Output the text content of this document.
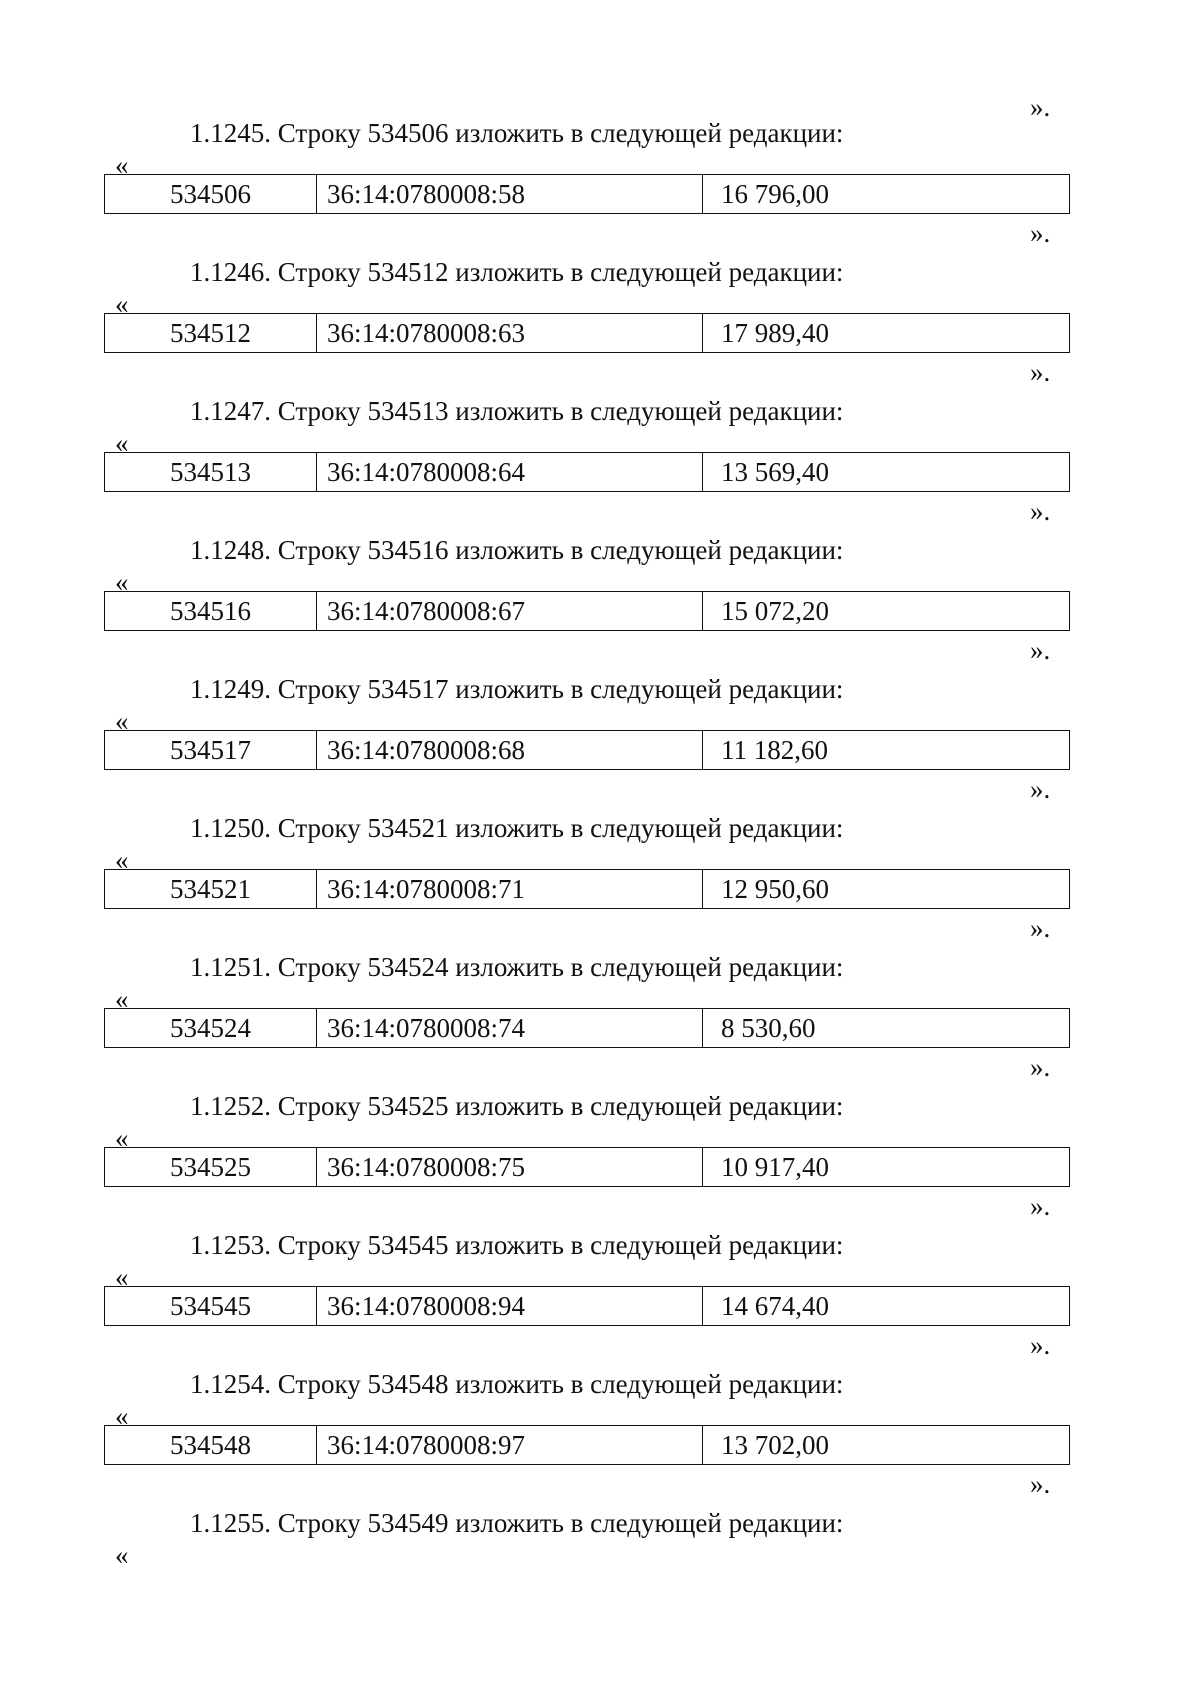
».
1.1245. Строку 534506 изложить в следующей редакции:
«
534506	36:14:0780008:58	16 796,00
».
1.1246. Строку 534512 изложить в следующей редакции:
«
534512	36:14:0780008:63	17 989,40
».
1.1247. Строку 534513 изложить в следующей редакции:
«
534513	36:14:0780008:64	13 569,40
».
1.1248. Строку 534516 изложить в следующей редакции:
«
534516	36:14:0780008:67	15 072,20
».
1.1249. Строку 534517 изложить в следующей редакции:
«
534517	36:14:0780008:68	11 182,60
».
1.1250. Строку 534521 изложить в следующей редакции:
«
534521	36:14:0780008:71	12 950,60
».
1.1251. Строку 534524 изложить в следующей редакции:
«
534524	36:14:0780008:74	8 530,60
».
1.1252. Строку 534525 изложить в следующей редакции:
«
534525	36:14:0780008:75	10 917,40
».
1.1253. Строку 534545 изложить в следующей редакции:
«
534545	36:14:0780008:94	14 674,40
».
1.1254. Строку 534548 изложить в следующей редакции:
«
534548	36:14:0780008:97	13 702,00
».
1.1255. Строку 534549 изложить в следующей редакции:
«
